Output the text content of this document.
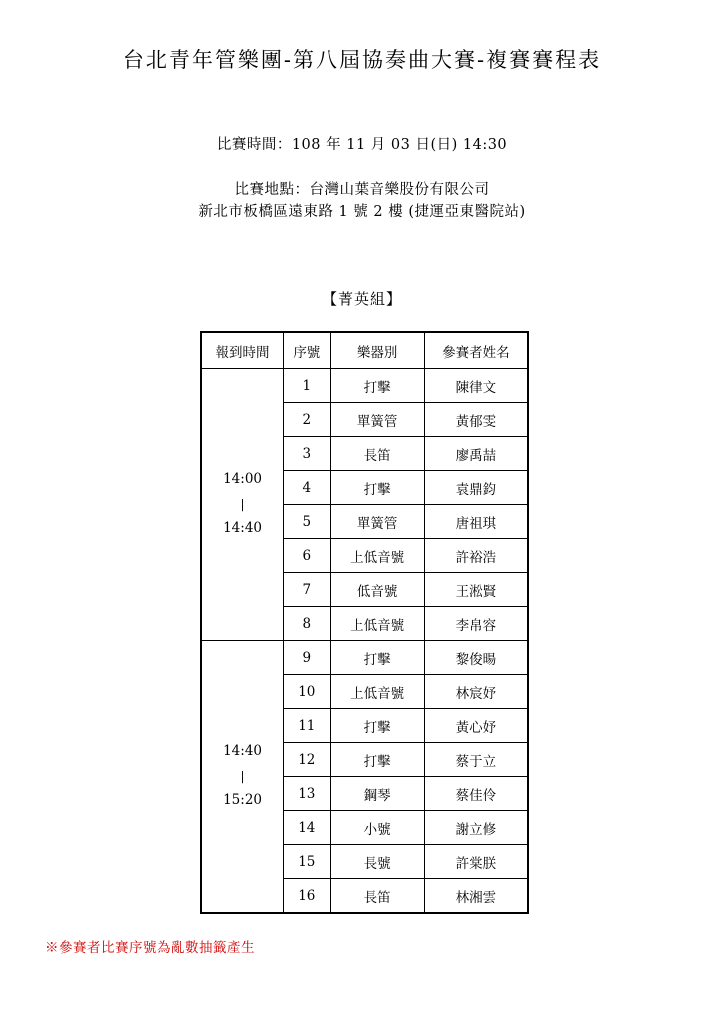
台北青年管樂團-第八屆協奏曲大賽-複賽賽程表
比賽時間：108 年 11 月 03 日(日) 14:30
比賽地點：台灣山葉音樂股份有限公司
新北市板橋區遠東路 1 號 2 樓 (捷運亞東醫院站)
【菁英組】
報到時間	序號	樂器別	參賽者姓名

14:00
|
14:40	1	打擊	陳律文
	2	單簧管	黃郁雯
	3	長笛	廖禹喆
	4	打擊	袁鼎鈞
	5	單簧管	唐祖琪
	6	上低音號	許裕浩
	7	低音號	王淞賢
	8	上低音號	李帛容

14:40
|
15:20	9	打擊	黎俊暘
	10	上低音號	林宸妤
	11	打擊	黃心妤
	12	打擊	蔡于立
	13	鋼琴	蔡佳伶
	14	小號	謝立修
	15	長號	許棠朕
	16	長笛	林湘雲
※參賽者比賽序號為亂數抽籤產生
